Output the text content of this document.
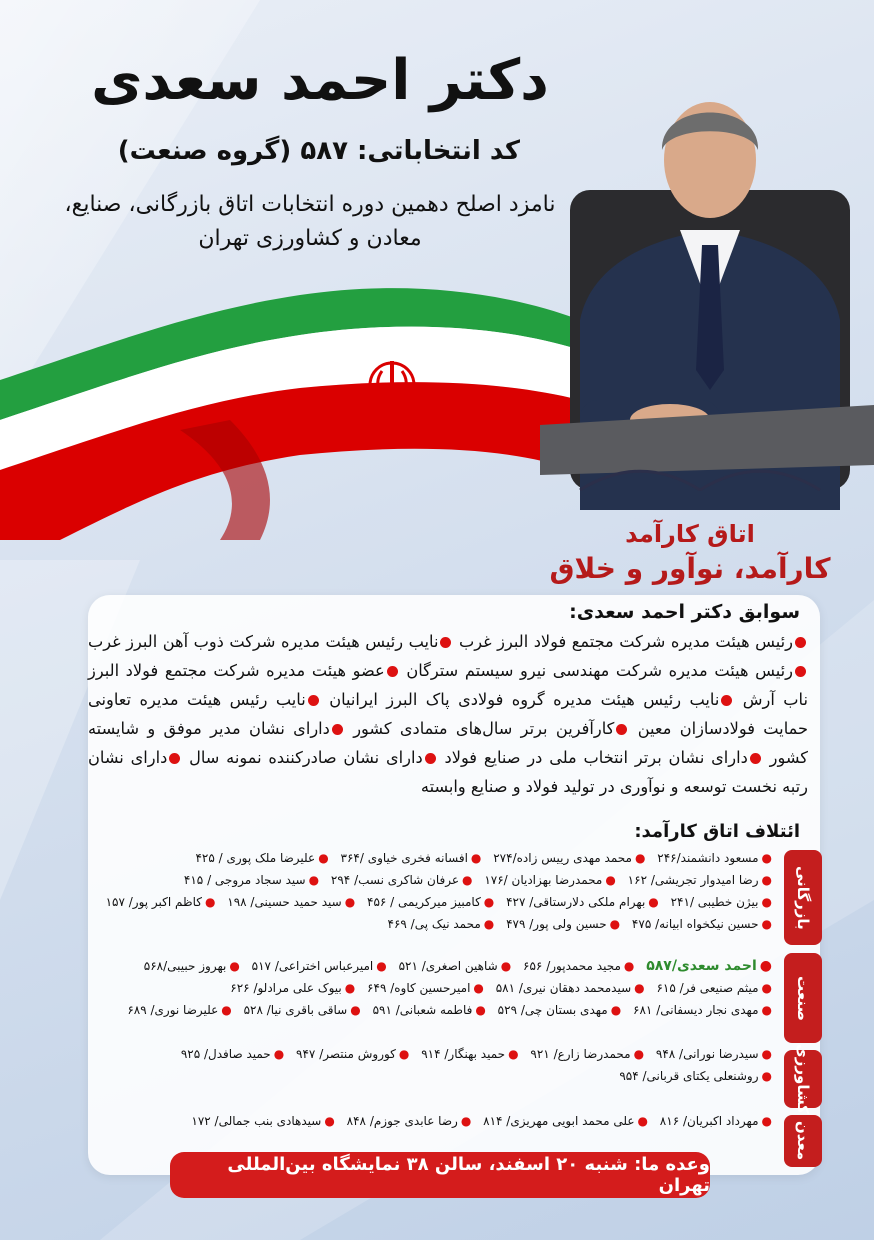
دکتر احمد سعدی
کد انتخاباتی: ۵۸۷ (گروه صنعت)
نامزد اصلح دهمین دوره انتخابات اتاق بازرگانی، صنایع، معادن و کشاورزی تهران
اتاق کارآمد
کارآمد، نوآور و خلاق
سوابق دکتر احمد سعدی:
رئیس هیئت مدیره شرکت مجتمع فولاد البرز غرب نایب رئیس هیئت مدیره شرکت ذوب آهن البرز غرب رئیس هیئت مدیره شرکت مهندسی نیرو سیستم سترگان عضو هیئت مدیره شرکت مجتمع فولاد البرز ناب آرش نایب رئیس هیئت مدیره گروه فولادی پاک البرز ایرانیان نایب رئیس هیئت مدیره تعاونی حمایت فولادسازان معین کارآفرین برتر سال‌های متمادی کشور دارای نشان مدیر موفق و شایسته کشور دارای نشان برتر انتخاب ملی در صنایع فولاد دارای نشان صادرکننده نمونه سال دارای نشان رتبه نخست توسعه و نوآوری در تولید فولاد و صنایع وابسته
ائتلاف اتاق کارآمد:
بازرگانی
●مسعود دانشمند/۲۴۶ ●محمد مهدی رییس زاده/۲۷۴ ●افسانه فخری خیاوی /۳۶۴ ●علیرضا ملک پوری / ۴۲۵ ●رضا امیدوار تجریشی/ ۱۶۲ ●محمدرضا بهزادیان /۱۷۶ ●عرفان شاکری نسب/ ۲۹۴ ●سید سجاد مروجی / ۴۱۵ ●بیژن خطیبی /۲۴۱ ●بهرام ملکی دلارستاقی/ ۴۲۷ ●کامبیز میرکریمی / ۴۵۶ ●سید حمید حسینی/ ۱۹۸ ●کاظم اکبر پور/ ۱۵۷ ●حسین نیکخواه ابیانه/ ۴۷۵ ●حسین ولی پور/ ۴۷۹ ●محمد نیک پی/ ۴۶۹
صنعت
●احمد سعدی/۵۸۷ ●مجید محمدپور/ ۶۵۶ ●شاهین اصغری/ ۵۲۱ ●امیرعباس اختراعی/ ۵۱۷ ●بهروز حبیبی/۵۶۸ ●میثم صنیعی فر/ ۶۱۵ ●سیدمحمد دهقان نیری/ ۵۸۱ ●امیرحسین کاوه/ ۶۴۹ ●بیوک علی مرادلو/ ۶۲۶ ●مهدی نجار دیسفانی/ ۶۸۱ ●مهدی بستان چی/ ۵۲۹ ●فاطمه شعبانی/ ۵۹۱ ●ساقی باقری نیا/ ۵۲۸ ●علیرضا نوری/ ۶۸۹
کشاورزی
●سیدرضا نورانی/ ۹۴۸ ●محمدرضا زارع/ ۹۲۱ ●حمید بهنگار/ ۹۱۴ ●کوروش منتصر/ ۹۴۷ ●حمید صافدل/ ۹۲۵ ●روشنعلی یکتای قربانی/ ۹۵۴
معدن
●مهرداد اکبریان/ ۸۱۶ ●علی محمد ابویی مهریزی/ ۸۱۴ ●رضا عابدی جوزم/ ۸۴۸ ●سیدهادی بنب جمالی/ ۱۷۲
وعده ما: شنبه ۲۰ اسفند، سالن ۳۸ نمایشگاه بین‌المللی تهران
